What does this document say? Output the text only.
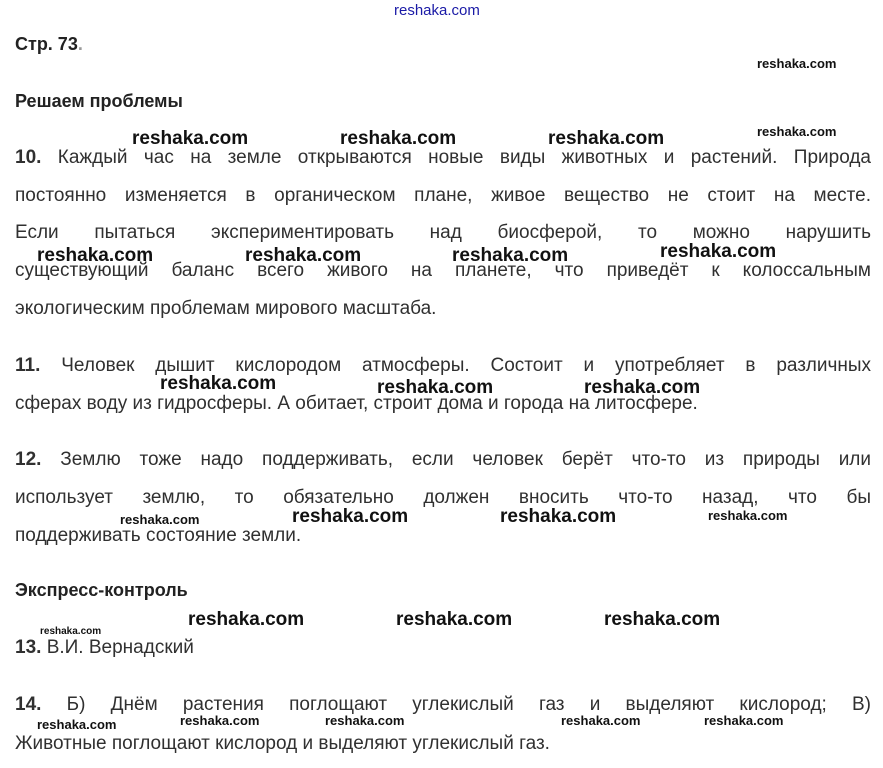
reshaka.com
Стр. 73.
reshaka.com
Решаем проблемы
reshaka.com	reshaka.com	reshaka.com	reshaka.com
10. Каждый час на земле открываются новые виды животных и растений. Природа
постоянно изменяется в органическом плане, живое вещество не стоит на месте.
Если пытаться экспериментировать над биосферой, то можно нарушить
reshaka.com	reshaka.com	reshaka.com	reshaka.com
существующий баланс всего живого на планете, что приведёт к колоссальным
экологическим проблемам мирового масштаба.
11. Человек дышит кислородом атмосферы. Состоит и употребляет в различных
reshaka.com	reshaka.com	reshaka.com
сферах воду из гидросферы. А обитает, строит дома и города на литосфере.
12. Землю тоже надо поддерживать, если человек берёт что-то из природы или
использует землю, то обязательно должен вносить что-то назад, что бы
reshaka.com	reshaka.com	reshaka.com	reshaka.com
поддерживать состояние земли.
Экспресс-контроль
reshaka.com	reshaka.com	reshaka.com
reshaka.com
13. В.И. Вернадский
14. Б) Днём растения поглощают углекислый газ и выделяют кислород; В)
reshaka.com	reshaka.com	reshaka.com	reshaka.com	reshaka.com
Животные поглощают кислород и выделяют углекислый газ.
